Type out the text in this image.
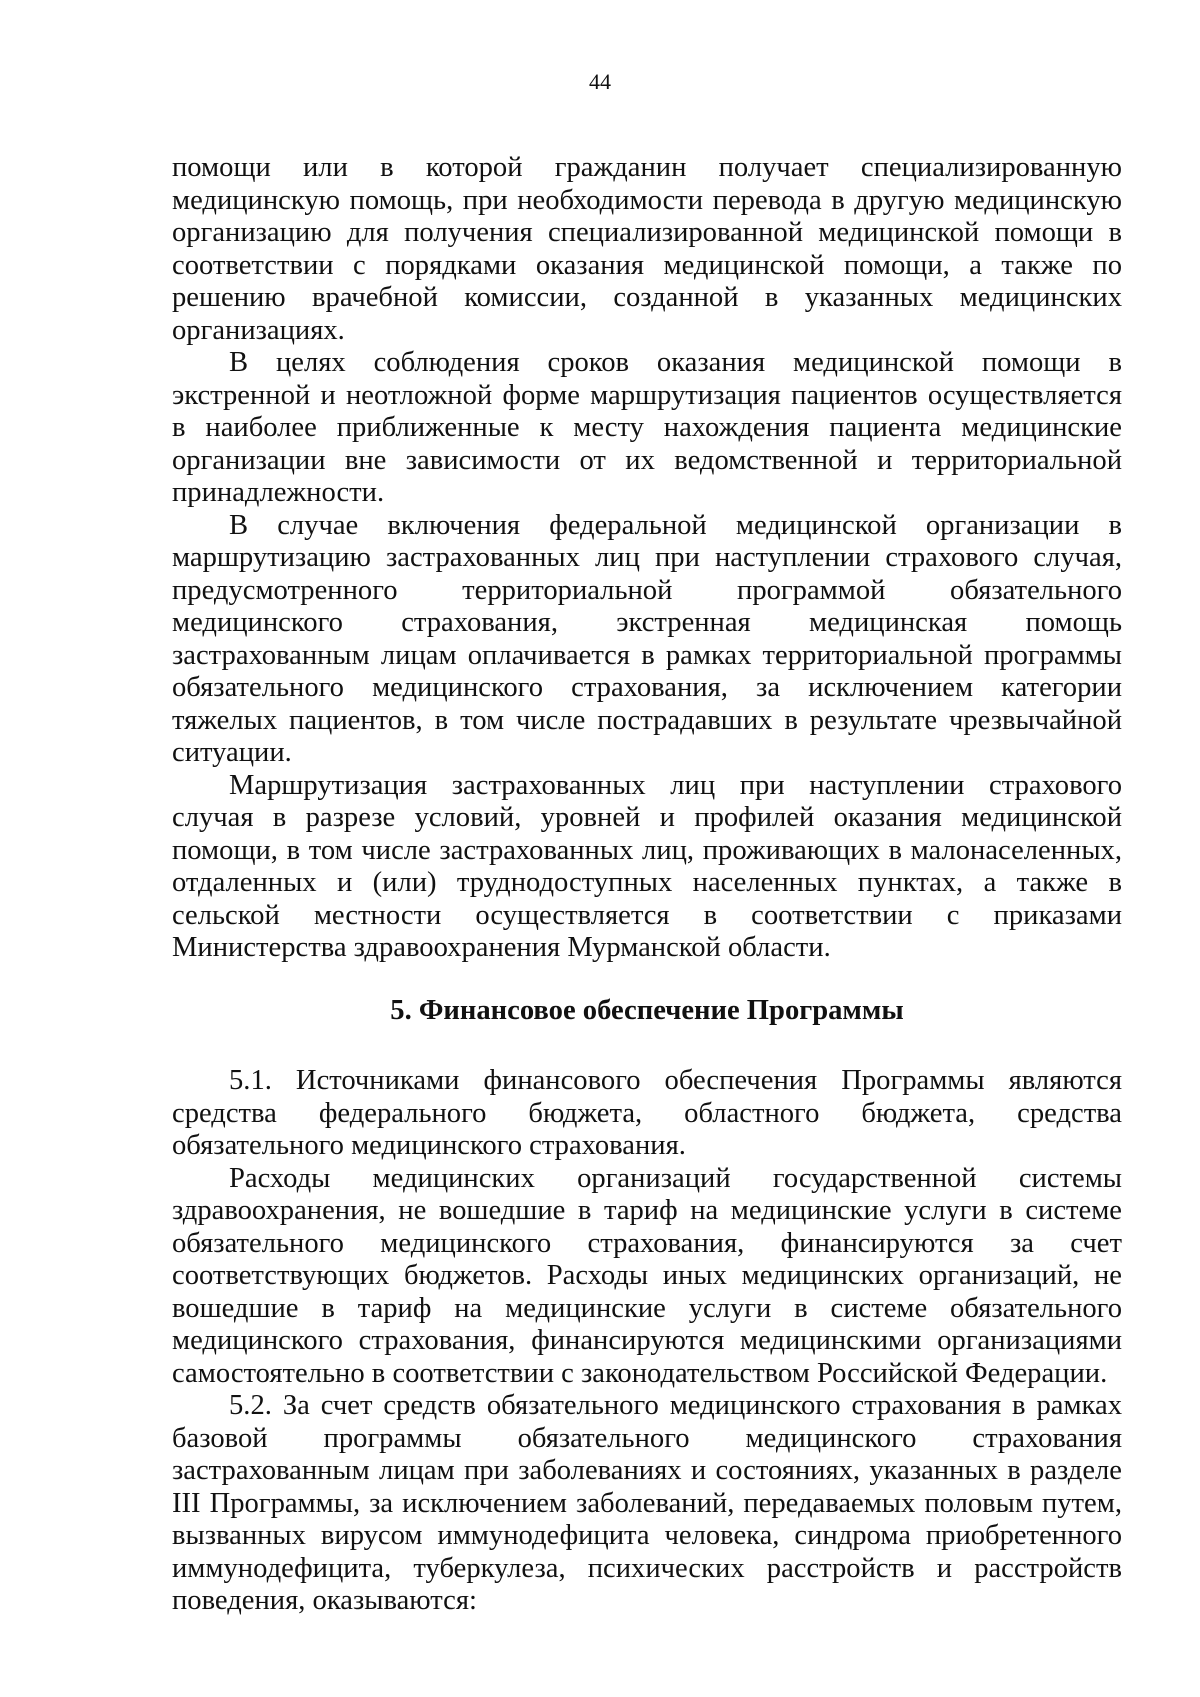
44

помощи или в которой гражданин получает специализированную медицинскую помощь, при необходимости перевода в другую медицинскую организацию для получения специализированной медицинской помощи в соответствии с порядками оказания медицинской помощи, а также по решению врачебной комиссии, созданной в указанных медицинских организациях.

В целях соблюдения сроков оказания медицинской помощи в экстренной и неотложной форме маршрутизация пациентов осуществляется в наиболее приближенные к месту нахождения пациента медицинские организации вне зависимости от их ведомственной и территориальной принадлежности.

В случае включения федеральной медицинской организации в маршрутизацию застрахованных лиц при наступлении страхового случая, предусмотренного территориальной программой обязательного медицинского страхования, экстренная медицинская помощь застрахованным лицам оплачивается в рамках территориальной программы обязательного медицинского страхования, за исключением категории тяжелых пациентов, в том числе пострадавших в результате чрезвычайной ситуации.

Маршрутизация застрахованных лиц при наступлении страхового случая в разрезе условий, уровней и профилей оказания медицинской помощи, в том числе застрахованных лиц, проживающих в малонаселенных, отдаленных и (или) труднодоступных населенных пунктах, а также в сельской местности осуществляется в соответствии с приказами Министерства здравоохранения Мурманской области.

5. Финансовое обеспечение Программы

5.1. Источниками финансового обеспечения Программы являются средства федерального бюджета, областного бюджета, средства обязательного медицинского страхования.

Расходы медицинских организаций государственной системы здравоохранения, не вошедшие в тариф на медицинские услуги в системе обязательного медицинского страхования, финансируются за счет соответствующих бюджетов. Расходы иных медицинских организаций, не вошедшие в тариф на медицинские услуги в системе обязательного медицинского страхования, финансируются медицинскими организациями самостоятельно в соответствии с законодательством Российской Федерации.

5.2. За счет средств обязательного медицинского страхования в рамках базовой программы обязательного медицинского страхования застрахованным лицам при заболеваниях и состояниях, указанных в разделе III Программы, за исключением заболеваний, передаваемых половым путем, вызванных вирусом иммунодефицита человека, синдрома приобретенного иммунодефицита, туберкулеза, психических расстройств и расстройств поведения, оказываются:
